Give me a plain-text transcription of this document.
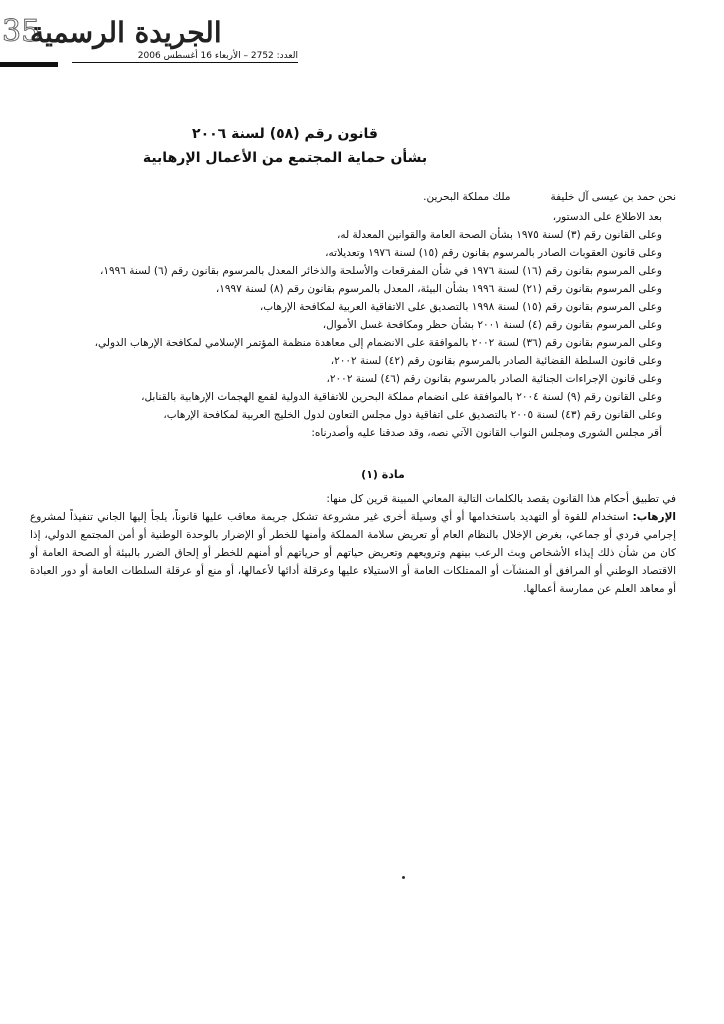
35
الجريدة الرسمية
العدد: 2752 – الأربعاء 16 أغسطس 2006
قانون رقم (٥٨) لسنة ٢٠٠٦
بشأن حماية المجتمع من الأعمال الإرهابية

نحن حمد بن عيسى آل خليفة
ملك مملكة البحرين.

بعد الاطلاع على الدستور،

وعلى القانون رقم (٣) لسنة ١٩٧٥ بشأن الصحة العامة والقوانين المعدلة له،

وعلى قانون العقوبات الصادر بالمرسوم بقانون رقم (١٥) لسنة ١٩٧٦ وتعديلاته،

وعلى المرسوم بقانون رقم (١٦) لسنة ١٩٧٦ في شأن المفرقعات والأسلحة والذخائر المعدل بالمرسوم بقانون رقم (٦) لسنة ١٩٩٦،

وعلى المرسوم بقانون رقم (٢١) لسنة ١٩٩٦ بشأن البيئة، المعدل بالمرسوم بقانون رقم (٨) لسنة ١٩٩٧،

وعلى المرسوم بقانون رقم (١٥) لسنة ١٩٩٨ بالتصديق على الاتفاقية العربية لمكافحة الإرهاب،

وعلى المرسوم بقانون رقم (٤) لسنة ٢٠٠١ بشأن حظر ومكافحة غسل الأموال،

وعلى المرسوم بقانون رقم (٣٦) لسنة ٢٠٠٢ بالموافقة على الانضمام إلى معاهدة منظمة المؤتمر الإسلامي لمكافحة الإرهاب الدولي،

وعلى قانون السلطة القضائية الصادر بالمرسوم بقانون رقم (٤٢) لسنة ٢٠٠٢،

وعلى قانون الإجراءات الجنائية الصادر بالمرسوم بقانون رقم (٤٦) لسنة ٢٠٠٢،

وعلى القانون رقم (٩) لسنة ٢٠٠٤ بالموافقة على انضمام مملكة البحرين للاتفاقية الدولية لقمع الهجمات الإرهابية بالقنابل،

وعلى القانون رقم (٤٣) لسنة ٢٠٠٥ بالتصديق على اتفاقية دول مجلس التعاون لدول الخليج العربية لمكافحة الإرهاب،

أقر مجلس الشورى ومجلس النواب القانون الآتي نصه، وقد صدقنا عليه وأصدرناه:

مادة (١)

في تطبيق أحكام هذا القانون يقصد بالكلمات التالية المعاني المبينة قرين كل منها:

الإرهاب: استخدام للقوة أو التهديد باستخدامها أو أي وسيلة أخرى غير مشروعة تشكل جريمة معاقب عليها قانوناً، يلجأ إليها الجاني تنفيذاً لمشروع إجرامي فردي أو جماعي، بغرض الإخلال بالنظام العام أو تعريض سلامة المملكة وأمنها للخطر أو الإضرار بالوحدة الوطنية أو أمن المجتمع الدولي، إذا كان من شأن ذلك إيذاء الأشخاص وبث الرعب بينهم وترويعهم وتعريض حياتهم أو حرياتهم أو أمنهم للخطر أو إلحاق الضرر بالبيئة أو الصحة العامة أو الاقتصاد الوطني أو المرافق أو المنشآت أو الممتلكات العامة أو الاستيلاء عليها وعرقلة أدائها لأعمالها، أو منع أو عرقلة السلطات العامة أو دور العبادة أو معاهد العلم عن ممارسة أعمالها.
